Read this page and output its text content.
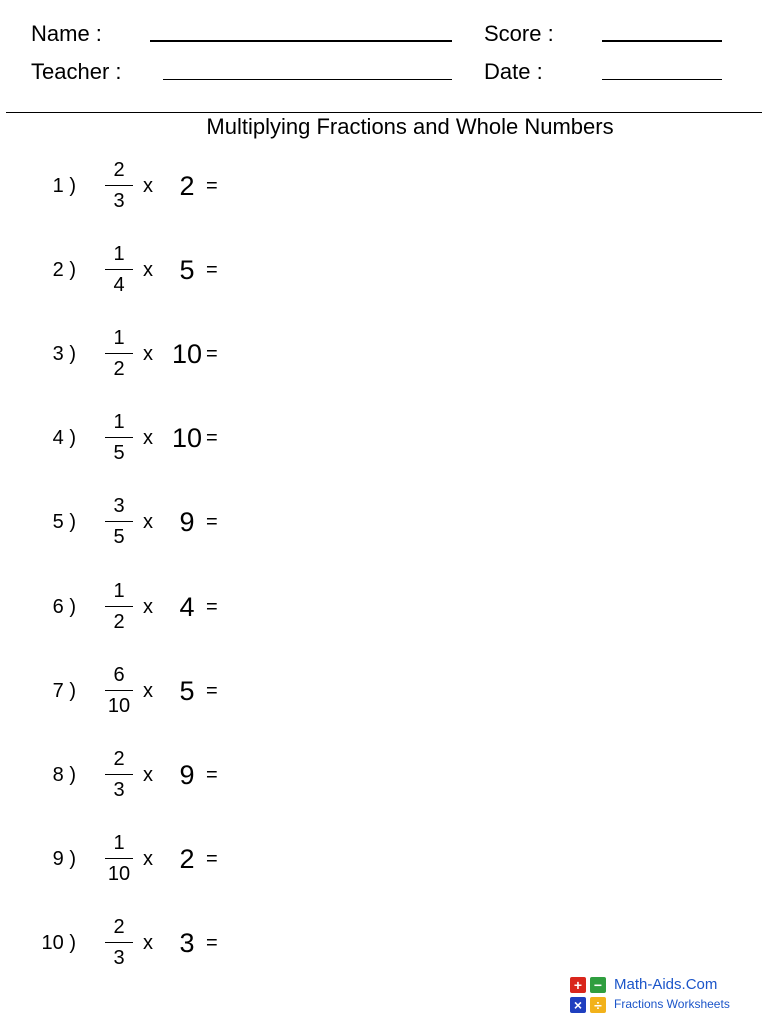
Name :	Score :
Teacher :	Date :
Multiplying Fractions and Whole Numbers
1 )
2
3
x 2 =
2 )
1
4
x 5 =
3 )
1
2
x 10 =
4 )
1
5
x 10 =
5 )
3
5
x 9 =
6 )
1
2
x 4 =
7 )
6
10
x 5 =
8 )
2
3
x 9 =
9 )
1
10
x 2 =
10 )
2
3
x 3 =
+ −
× ÷
Math-Aids.Com
Fractions Worksheets
